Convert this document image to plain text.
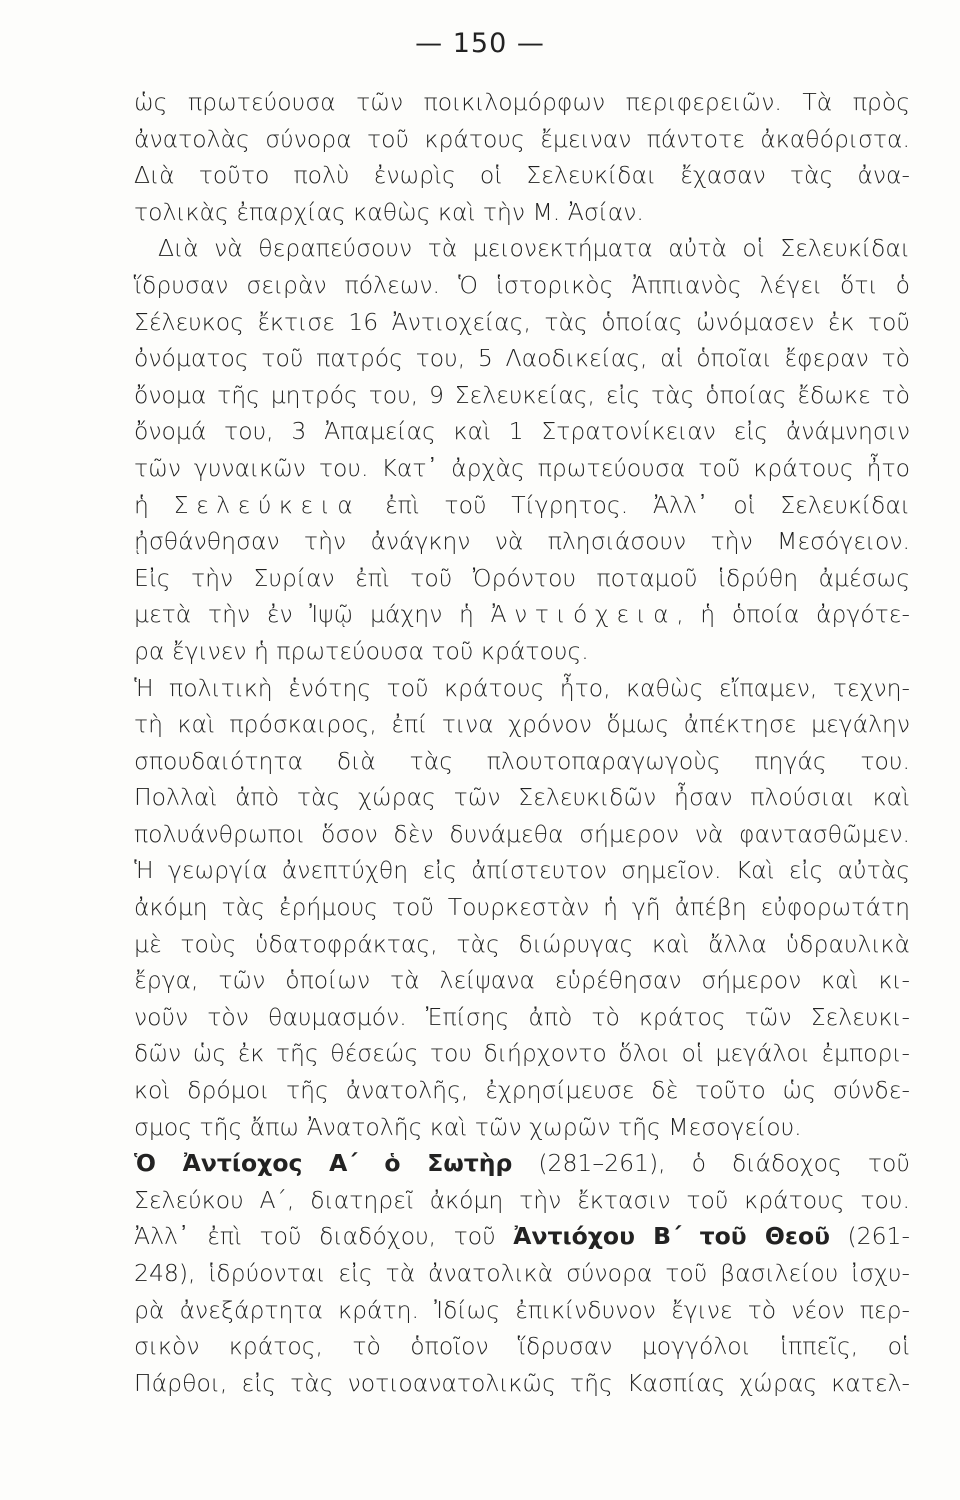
— 150 —
ὡς πρωτεύουσα τῶν ποικιλομόρφων περιφερειῶν. Τὰ πρὸς
ἀνατολὰς σύνορα τοῦ κράτους ἔμειναν πάντοτε ἀκαθόριστα.
Διὰ τοῦτο πολὺ ἐνωρὶς οἱ Σελευκίδαι ἔχασαν τὰς ἀνα-
τολικὰς ἐπαρχίας καθὼς καὶ τὴν Μ. Ἀσίαν.
Διὰ νὰ θεραπεύσουν τὰ μειονεκτήματα αὐτὰ οἱ Σελευκίδαι
ἵδρυσαν σειρὰν πόλεων. Ὁ ἱστορικὸς Ἀππιανὸς λέγει ὅτι ὁ
Σέλευκος ἔκτισε 16 Ἀντιοχείας, τὰς ὁποίας ὠνόμασεν ἐκ τοῦ
ὀνόματος τοῦ πατρός του, 5 Λαοδικείας, αἱ ὁποῖαι ἔφεραν τὸ
ὄνομα τῆς μητρός του, 9 Σελευκείας, εἰς τὰς ὁποίας ἔδωκε τὸ
ὄνομά του, 3 Ἀπαμείας καὶ 1 Στρατονίκειαν εἰς ἀνάμνησιν
τῶν γυναικῶν του. Κατ᾿ ἀρχὰς πρωτεύουσα τοῦ κράτους ἦτο
ἡ Σελεύκεια ἐπὶ τοῦ Τίγρητος. Ἀλλ᾿ οἱ Σελευκίδαι
ᾐσθάνθησαν τὴν ἀνάγκην νὰ πλησιάσουν τὴν Μεσόγειον.
Εἰς τὴν Συρίαν ἐπὶ τοῦ Ὀρόντου ποταμοῦ ἱδρύθη ἀμέσως
μετὰ τὴν ἐν Ἰψῷ μάχην ἡ Ἀντιόχεια, ἡ ὁποία ἀργότε-
ρα ἔγινεν ἡ πρωτεύουσα τοῦ κράτους.
Ἡ πολιτικὴ ἑνότης τοῦ κράτους ἦτο, καθὼς εἴπαμεν, τεχνη-
τὴ καὶ πρόσκαιρος, ἐπί τινα χρόνον ὅμως ἀπέκτησε μεγάλην
σπουδαιότητα διὰ τὰς πλουτοπαραγωγοὺς πηγάς του.
Πολλαὶ ἀπὸ τὰς χώρας τῶν Σελευκιδῶν ἦσαν πλούσιαι καὶ
πολυάνθρωποι ὅσον δὲν δυνάμεθα σήμερον νὰ φαντασθῶμεν.
Ἡ γεωργία ἀνεπτύχθη εἰς ἀπίστευτον σημεῖον. Καὶ εἰς αὐτὰς
ἀκόμη τὰς ἐρήμους τοῦ Τουρκεστὰν ἡ γῆ ἀπέβη εὐφορωτάτη
μὲ τοὺς ὑδατοφράκτας, τὰς διώρυγας καὶ ἄλλα ὑδραυλικὰ
ἔργα, τῶν ὁποίων τὰ λείψανα εὑρέθησαν σήμερον καὶ κι-
νοῦν τὸν θαυμασμόν. Ἐπίσης ἀπὸ τὸ κράτος τῶν Σελευκι-
δῶν ὡς ἐκ τῆς θέσεώς του διήρχοντο ὅλοι οἱ μεγάλοι ἐμπορι-
κοὶ δρόμοι τῆς ἀνατολῆς, ἐχρησίμευσε δὲ τοῦτο ὡς σύνδε-
σμος τῆς ἄπω Ἀνατολῆς καὶ τῶν χωρῶν τῆς Μεσογείου.
Ὁ Ἀντίοχος Α΄ ὁ Σωτὴρ (281–261), ὁ διάδοχος τοῦ
Σελεύκου Α΄, διατηρεῖ ἀκόμη τὴν ἔκτασιν τοῦ κράτους του.
Ἀλλ᾿ ἐπὶ τοῦ διαδόχου, τοῦ Ἀντιόχου Β΄ τοῦ Θεοῦ (261-
248), ἱδρύονται εἰς τὰ ἀνατολικὰ σύνορα τοῦ βασιλείου ἰσχυ-
ρὰ ἀνεξάρτητα κράτη. Ἰδίως ἐπικίνδυνον ἔγινε τὸ νέον περ-
σικὸν κράτος, τὸ ὁποῖον ἵδρυσαν μογγόλοι ἱππεῖς, οἱ
Πάρθοι, εἰς τὰς νοτιοανατολικῶς τῆς Κασπίας χώρας κατελ-
